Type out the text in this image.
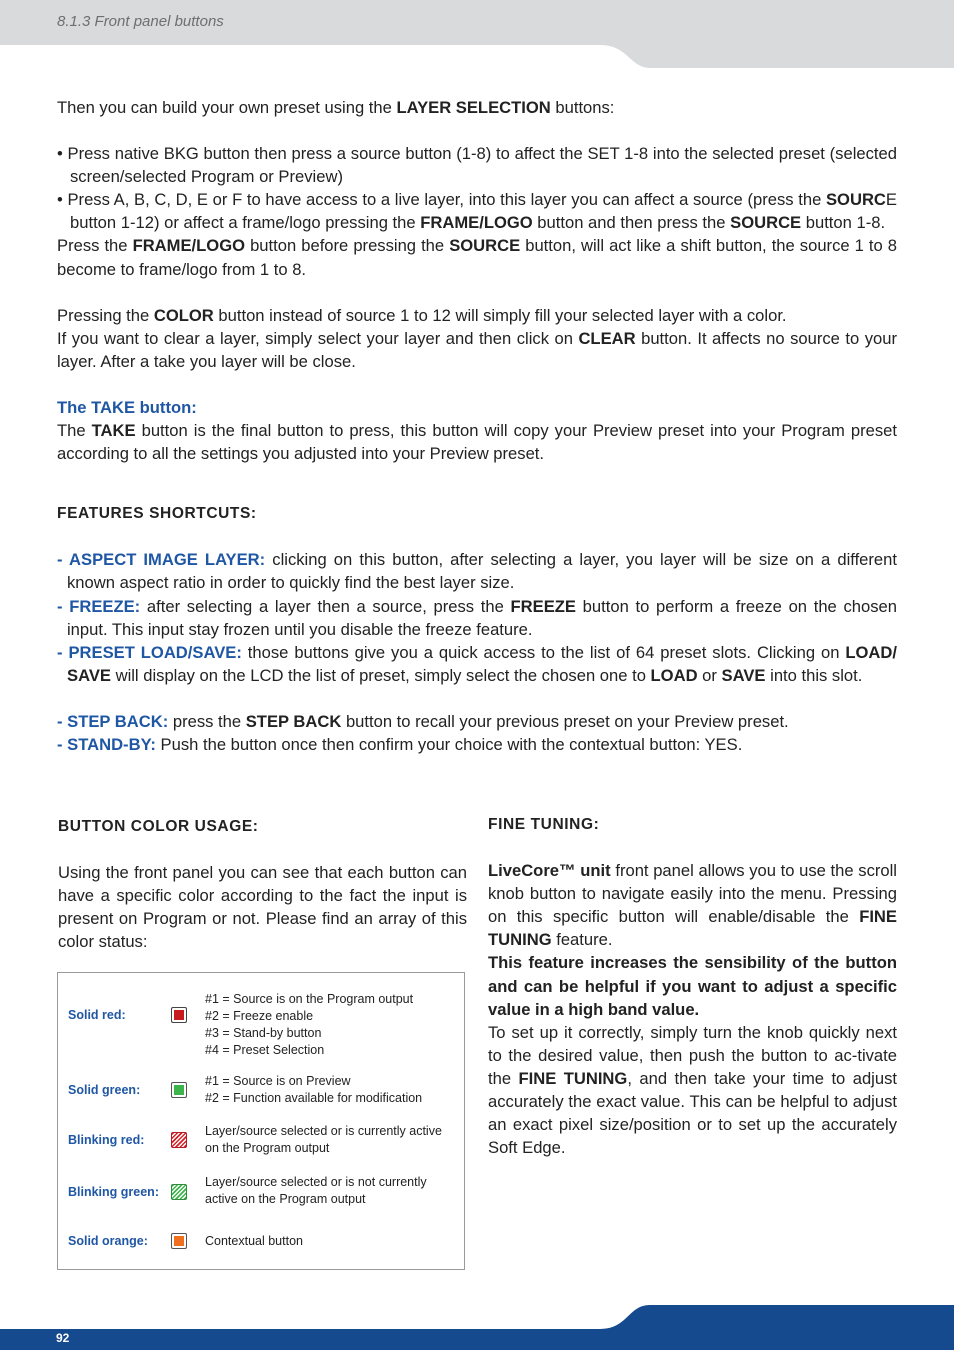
8.1.3 Front panel buttons

Then you can build your own preset using the LAYER SELECTION buttons:

• Press native BKG button then press a source button (1-8) to affect the SET 1-8 into the selected preset (selected screen/selected Program or Preview)

• Press A, B, C, D, E or F to have access to a live layer, into this layer you can affect a source (press the SOURCE button 1-12) or affect a frame/logo pressing the FRAME/LOGO button and then press the SOURCE button 1-8.

Press the FRAME/LOGO button before pressing the SOURCE button, will act like a shift button, the source 1 to 8 become to frame/logo from 1 to 8.

Pressing the COLOR button instead of source 1 to 12 will simply fill your selected layer with a color.

If you want to clear a layer, simply select your layer and then click on CLEAR button. It affects no source to your layer. After a take you layer will be close.

The TAKE button:

The TAKE button is the final button to press, this button will copy your Preview preset into your Program preset according to all the settings you adjusted into your Preview preset.

FEATURES SHORTCUTS:

- ASPECT IMAGE LAYER: clicking on this button, after selecting a layer, you layer will be size on a different known aspect ratio in order to quickly find the best layer size.

- FREEZE: after selecting a layer then a source, press the FREEZE button to perform a freeze on the chosen input. This input stay frozen until you disable the freeze feature.

- PRESET LOAD/SAVE: those buttons give you a quick access to the list of 64 preset slots. Clicking on LOAD/ SAVE will display on the LCD the list of preset, simply select the chosen one to LOAD or SAVE into this slot.

- STEP BACK: press the STEP BACK button to recall your previous preset on your Preview preset.

- STAND-BY: Push the button once then confirm your choice with the contextual button: YES.

BUTTON COLOR USAGE:

Using the front panel you can see that each button can have a specific color according to the fact the input is present on Program or not. Please find an array of this color status:

Solid red:
#1 = Source is on the Program output
#2 = Freeze enable
#3 = Stand-by button
#4 = Preset Selection
Solid green:
#1 = Source is on Preview
#2 = Function available for modification
Blinking red:
Layer/source selected or is currently active
on the Program output
Blinking green:
Layer/source selected or is not currently
active on the Program output
Solid orange:	Contextual button

FINE TUNING:

LiveCore™ unit front panel allows you to use the scroll knob button to navigate easily into the menu. Pressing on this specific button will enable/disable the FINE TUNING feature.

This feature increases the sensibility of the button and can be helpful if you want to adjust a specific value in a high band value.

To set up it correctly, simply turn the knob quickly next to the desired value, then push the button to ac-tivate the FINE TUNING, and then take your time to adjust accurately the exact value. This can be helpful to adjust an exact pixel size/position or to set up the accurately Soft Edge.

92
